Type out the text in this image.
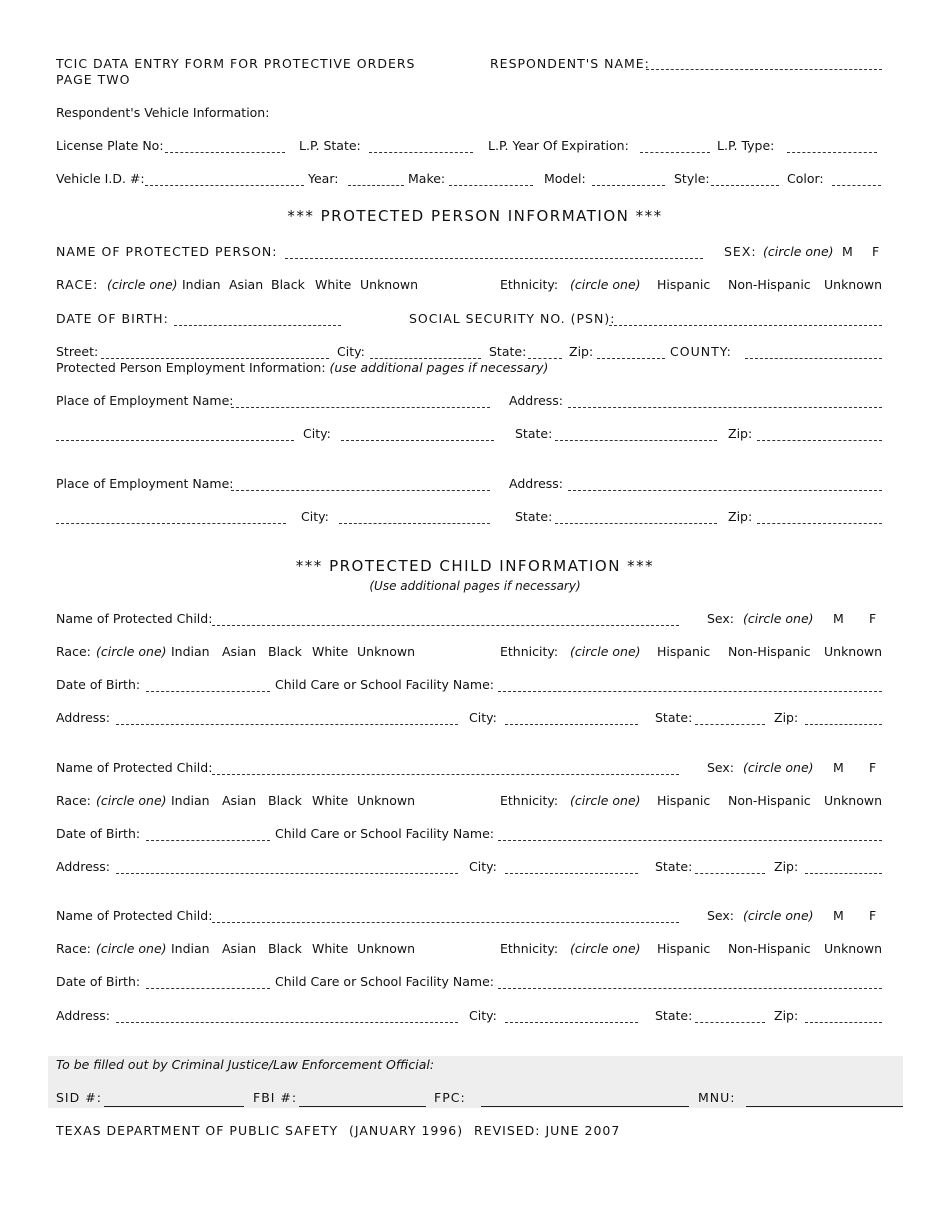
TCIC DATA ENTRY FORM FOR PROTECTIVE ORDERS
PAGE TWO
RESPONDENT'S NAME:
Respondent's Vehicle Information:
License Plate No:	L.P. State:	L.P. Year Of Expiration:	L.P. Type:
Vehicle I.D. #:	Year:	Make:	Model:	Style:	Color:
*** PROTECTED PERSON INFORMATION ***
NAME OF PROTECTED PERSON:	SEX: (circle one) M F
RACE: (circle one) Indian Asian Black White Unknown	Ethnicity: (circle one) Hispanic Non-Hispanic Unknown
DATE OF BIRTH:	SOCIAL SECURITY NO. (PSN):
Street:	City:	State:	Zip:	COUNTY:
Protected Person Employment Information: (use additional pages if necessary)
Place of Employment Name:	Address:
City:	State:	Zip:
Place of Employment Name:	Address:
City:	State:	Zip:
*** PROTECTED CHILD INFORMATION ***
(Use additional pages if necessary)
Name of Protected Child:	Sex: (circle one) M F
Race: (circle one) Indian Asian Black White Unknown	Ethnicity: (circle one) Hispanic Non-Hispanic Unknown
Date of Birth:	Child Care or School Facility Name:
Address:	City:	State:	Zip:
Name of Protected Child:	Sex: (circle one) M F
Race: (circle one) Indian Asian Black White Unknown	Ethnicity: (circle one) Hispanic Non-Hispanic Unknown
Date of Birth:	Child Care or School Facility Name:
Address:	City:	State:	Zip:
Name of Protected Child:	Sex: (circle one) M F
Race: (circle one) Indian Asian Black White Unknown	Ethnicity: (circle one) Hispanic Non-Hispanic Unknown
Date of Birth:	Child Care or School Facility Name:
Address:	City:	State:	Zip:
To be filled out by Criminal Justice/Law Enforcement Official:
SID #:	FBI #:	FPC:	MNU:
TEXAS DEPARTMENT OF PUBLIC SAFETY (JANUARY 1996) REVISED: JUNE 2007
